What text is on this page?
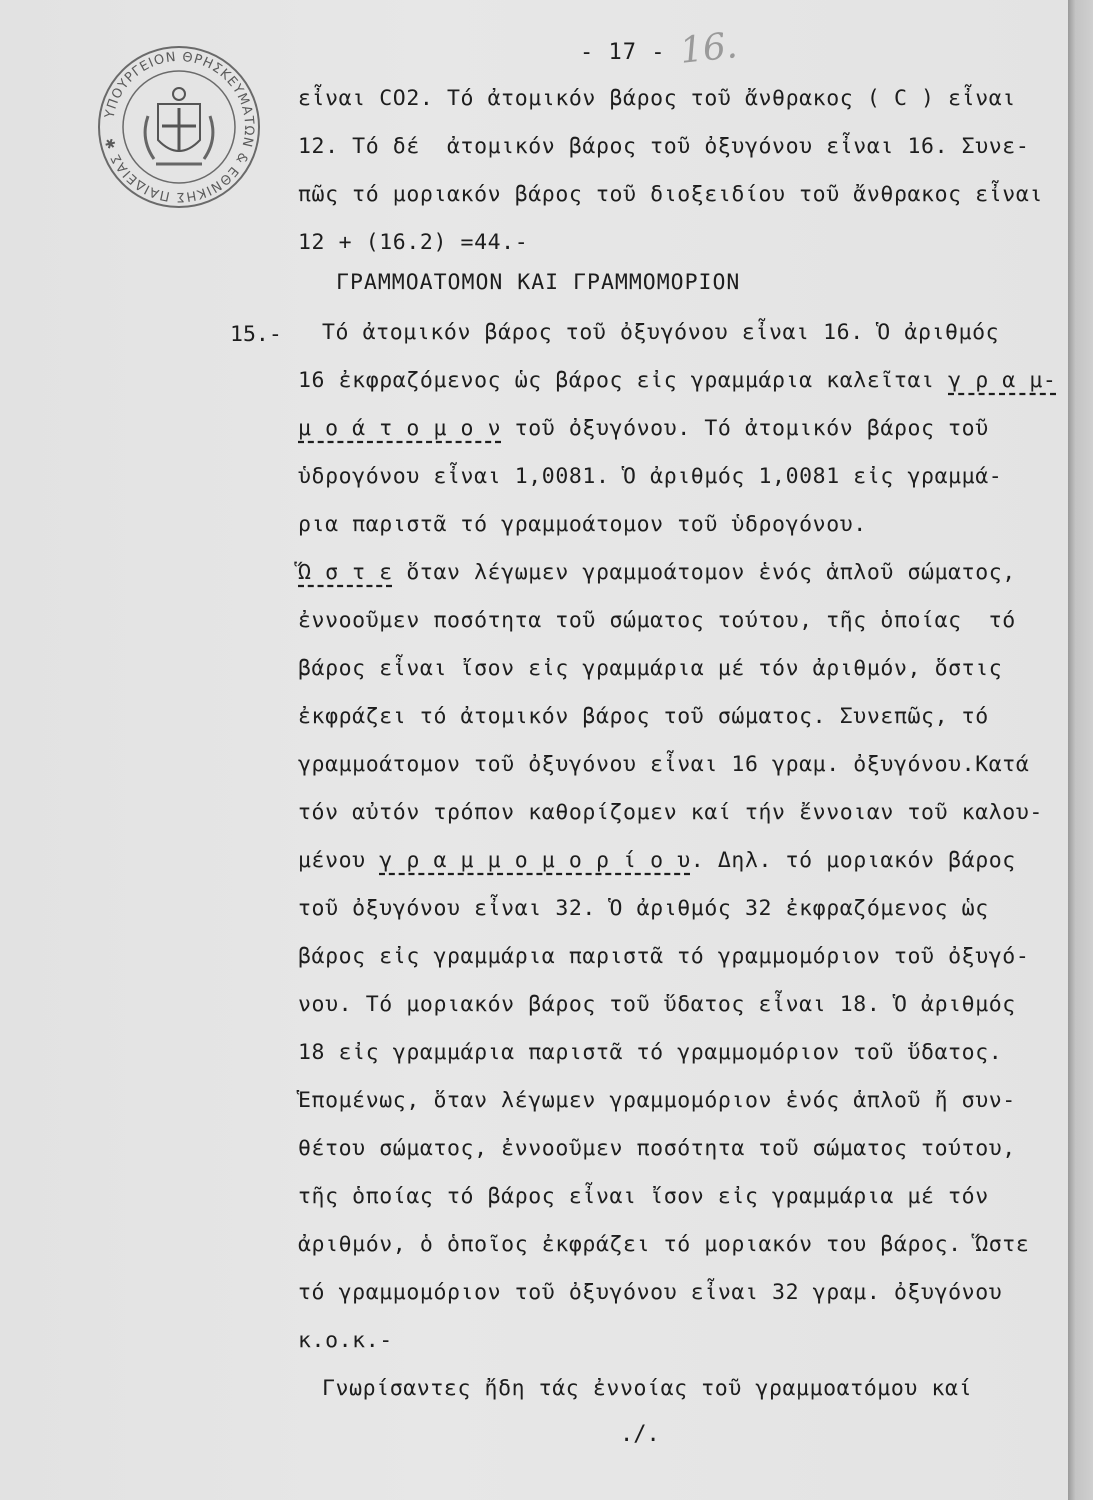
ΥΠΟΥΡΓΕΙΟΝ ΘΡΗΣΚΕΥΜΑΤΩΝ & ΕΘΝΙΚΗΣ ΠΑΙΔΕΙΑΣ ✱
- 17 - 16.
εἶναι CO2. Τό ἀτομικόν βάρος τοῦ ἄνθρακος ( C ) εἶναι
12. Τό δέ  ἀτομικόν βάρος τοῦ ὀξυγόνου εἶναι 16. Συνε-
πῶς τό μοριακόν βάρος τοῦ διοξειδίου τοῦ ἄνθρακος εἶναι
12 + (16.2) =44.-
ΓΡΑΜΜΟΑΤΟΜΟΝ ΚΑΙ ΓΡΑΜΜΟΜΟΡΙΟΝ
15.- Τό ἀτομικόν βάρος τοῦ ὀξυγόνου εἶναι 16. Ὁ ἀριθμός
16 ἐκφραζόμενος ὡς βάρος εἰς γραμμάρια καλεῖται γ ρ α μ-
μ ο ά τ ο μ ο ν τοῦ ὀξυγόνου. Τό ἀτομικόν βάρος τοῦ
ὑδρογόνου εἶναι 1,0081. Ὁ ἀριθμός 1,0081 εἰς γραμμά-
ρια παριστᾶ τό γραμμοάτομον τοῦ ὑδρογόνου.
Ὥ σ τ ε ὅταν λέγωμεν γραμμοάτομον ἑνός ἁπλοῦ σώματος,
ἐννοοῦμεν ποσότητα τοῦ σώματος τούτου, τῆς ὁποίας  τό
βάρος εἶναι ἴσον εἰς γραμμάρια μέ τόν ἀριθμόν, ὅστις
ἐκφράζει τό ἀτομικόν βάρος τοῦ σώματος. Συνεπῶς, τό
γραμμοάτομον τοῦ ὀξυγόνου εἶναι 16 γραμ. ὀξυγόνου.Κατά
τόν αὐτόν τρόπον καθορίζομεν καί τήν ἔννοιαν τοῦ καλου-
μένου γ ρ α μ μ ο μ ο ρ ί ο υ. Δηλ. τό μοριακόν βάρος
τοῦ ὀξυγόνου εἶναι 32. Ὁ ἀριθμός 32 ἐκφραζόμενος ὡς
βάρος εἰς γραμμάρια παριστᾶ τό γραμμομόριον τοῦ ὀξυγό-
νου. Τό μοριακόν βάρος τοῦ ὕδατος εἶναι 18. Ὁ ἀριθμός
18 εἰς γραμμάρια παριστᾶ τό γραμμομόριον τοῦ ὕδατος.
Ἑπομένως, ὅταν λέγωμεν γραμμομόριον ἑνός ἁπλοῦ ἤ συν-
θέτου σώματος, ἐννοοῦμεν ποσότητα τοῦ σώματος τούτου,
τῆς ὁποίας τό βάρος εἶναι ἴσον εἰς γραμμάρια μέ τόν
ἀριθμόν, ὁ ὁποῖος ἐκφράζει τό μοριακόν του βάρος. Ὥστε
τό γραμμομόριον τοῦ ὀξυγόνου εἶναι 32 γραμ. ὀξυγόνου
κ.ο.κ.-
Γνωρίσαντες ἤδη τάς ἐννοίας τοῦ γραμμοατόμου καί
./.
